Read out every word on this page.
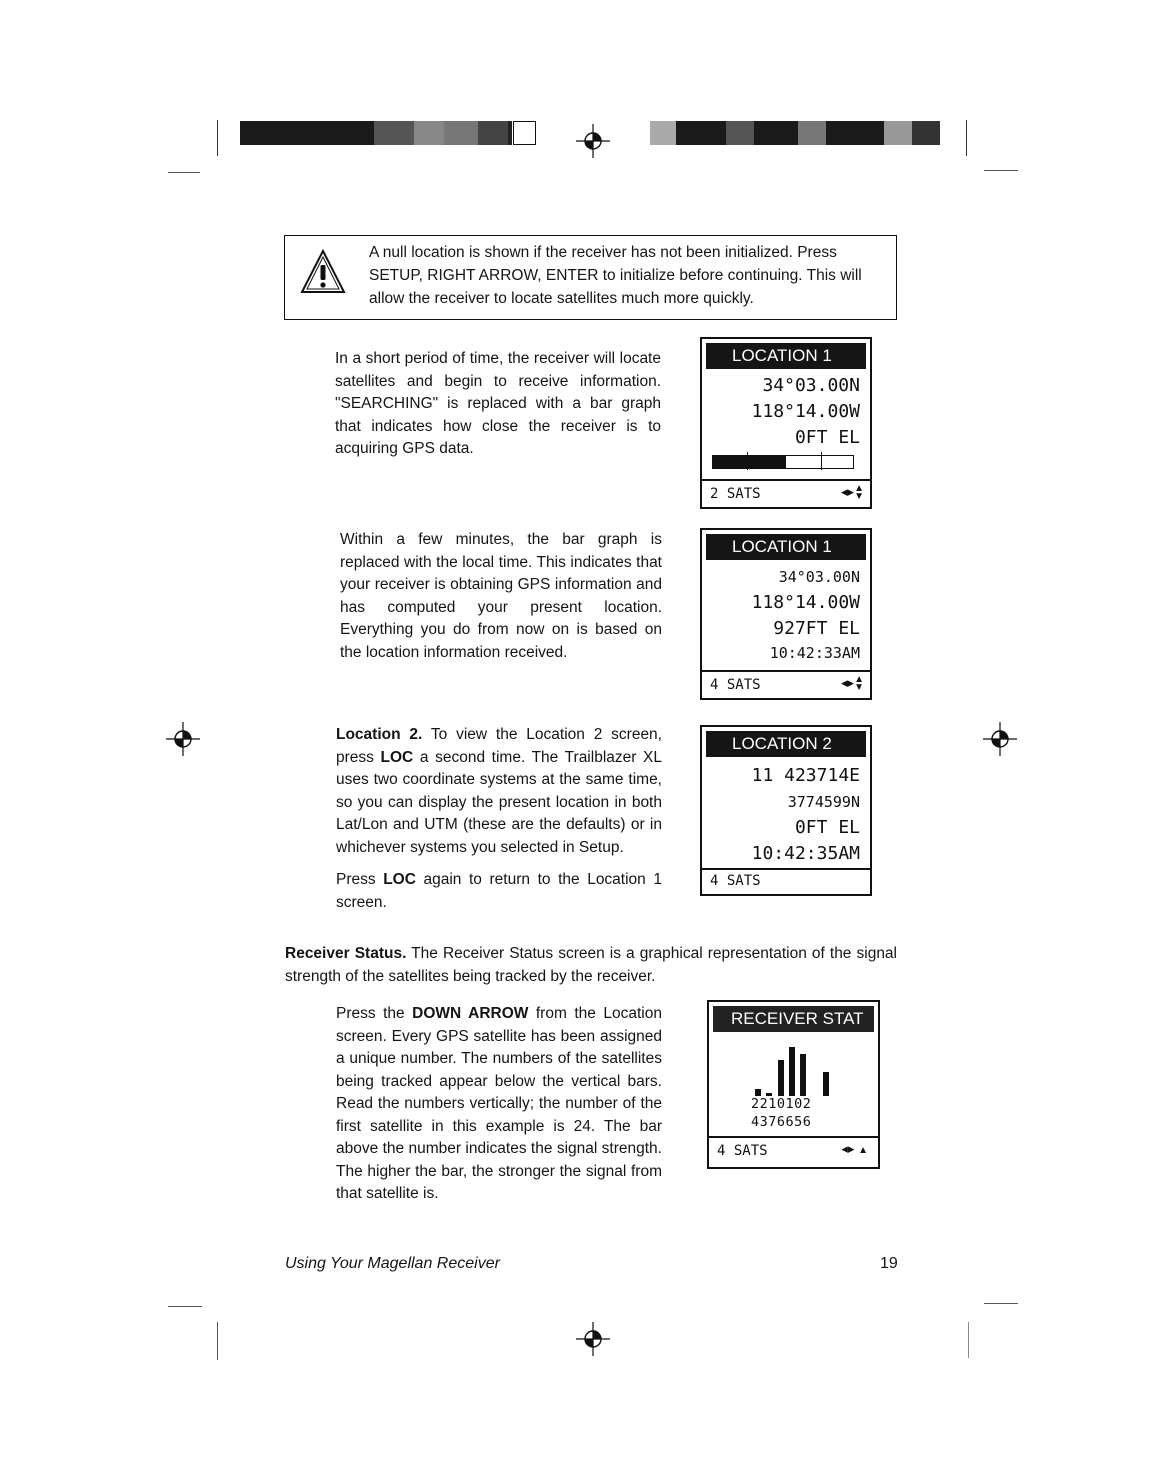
A null location is shown if the receiver has not been initialized. Press
SETUP, RIGHT ARROW, ENTER to initialize before continuing. This will
allow the receiver to locate satellites much more quickly.

In a short period of time, the receiver will locate satellites and begin to receive information. "SEARCHING" is replaced with a bar graph that indicates how close the receiver is to acquiring GPS data.

LOCATION 1
34°03.00N
118°14.00W
0FT EL
2 SATS	◂▸▲
▼

Within a few minutes, the bar graph is replaced with the local time. This indicates that your receiver is obtaining GPS information and has computed your present location. Everything you do from now on is based on the location information received.

LOCATION 1
34°03.00N
118°14.00W
927FT EL
10:42:33AM
4 SATS	◂▸▲
▼

Location 2. To view the Location 2 screen, press LOC a second time. The Trailblazer XL uses two coordinate systems at the same time, so you can display the present location in both Lat/Lon and UTM (these are the defaults) or in whichever systems you selected in Setup.

Press LOC again to return to the Location 1 screen.

LOCATION 2
11 423714E
3774599N
0FT EL
10:42:35AM
4 SATS

Receiver Status. The Receiver Status screen is a graphical representation of the signal strength of the satellites being tracked by the receiver.

Press the DOWN ARROW from the Location screen. Every GPS satellite has been assigned a unique number. The numbers of the satellites being tracked appear below the vertical bars. Read the numbers vertically; the number of the first satellite in this example is 24. The bar above the number indicates the signal strength. The higher the bar, the stronger the signal from that satellite is.

RECEIVER STAT
2210102
4376656
4 SATS	◂▸ ▲
Using Your Magellan Receiver	19
